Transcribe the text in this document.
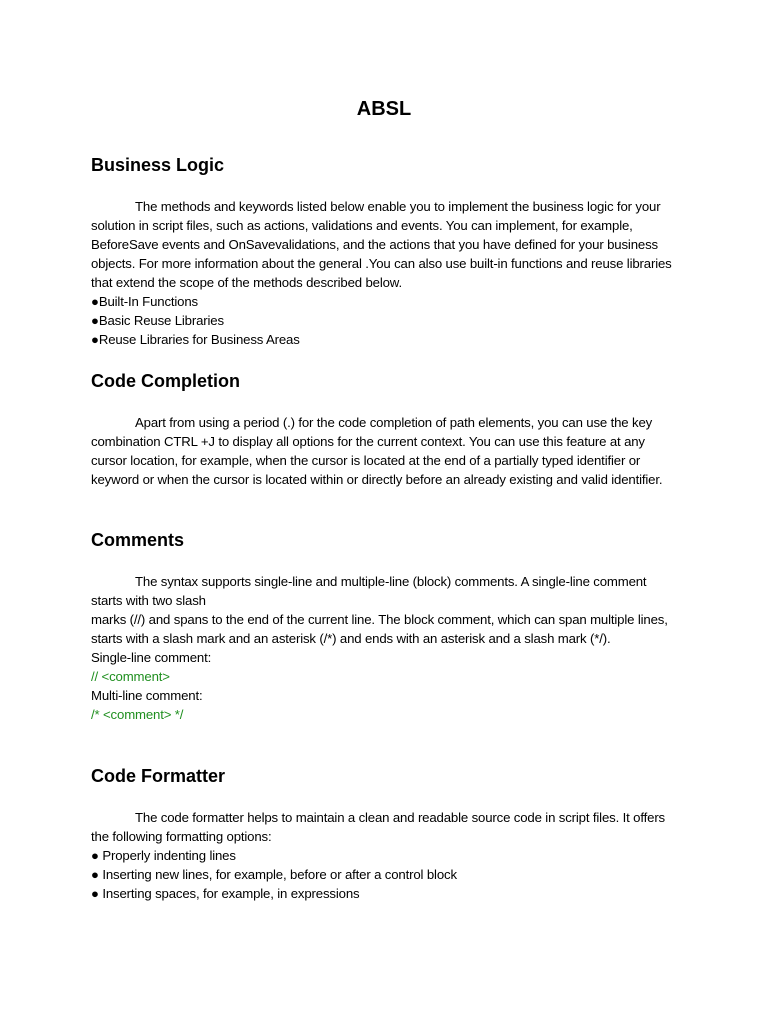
ABSL
Business Logic

The methods and keywords listed below enable you to implement the business logic for your solution in script files, such as actions, validations and events. You can implement, for example, BeforeSave events and OnSavevalidations, and the actions that you have defined for your business objects. For more information about the general .You can also use built-in functions and reuse libraries that extend the scope of the methods described below.

●Built-In Functions
●Basic Reuse Libraries
●Reuse Libraries for Business Areas
Code Completion

Apart from using a period (.) for the code completion of path elements, you can use the key combination CTRL +J to display all options for the current context. You can use this feature at any cursor location, for example, when the cursor is located at the end of a partially typed identifier or keyword or when the cursor is located within or directly before an already existing and valid identifier.

Comments

The syntax supports single-line and multiple-line (block) comments. A single-line comment starts with two slash

marks (//) and spans to the end of the current line. The block comment, which can span multiple lines, starts with a slash mark and an asterisk (/*) and ends with an asterisk and a slash mark (*/).

Single-line comment:
// <comment>
Multi-line comment:
/* <comment> */
Code Formatter

The code formatter helps to maintain a clean and readable source code in script files. It offers the following formatting options:

● Properly indenting lines
● Inserting new lines, for example, before or after a control block
● Inserting spaces, for example, in expressions
